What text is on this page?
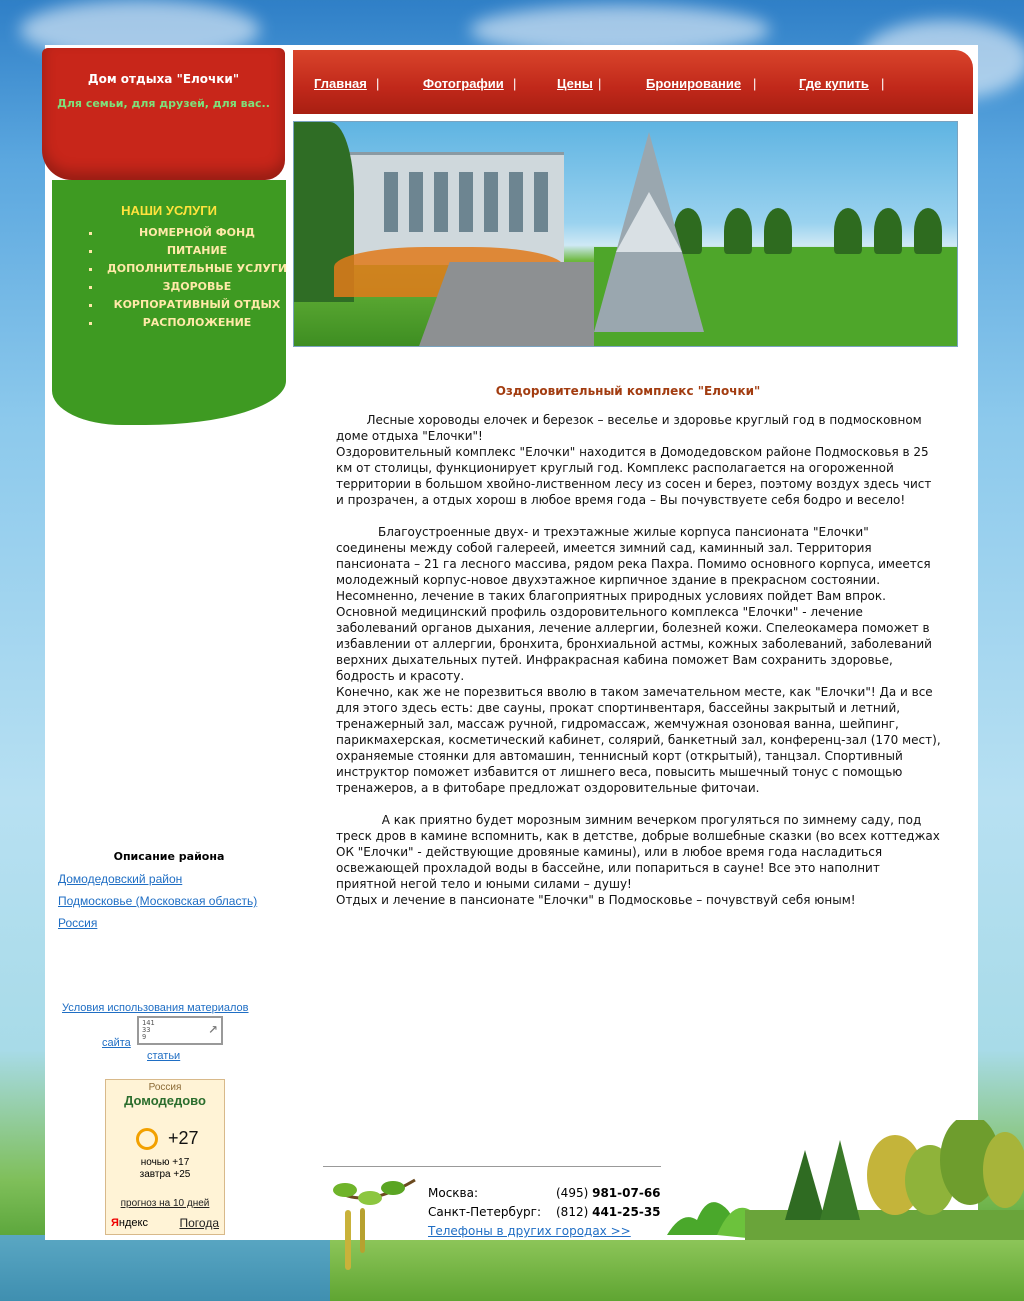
Дом отдыха "Елочки"
Для семьи, для друзей, для вас..
НАШИ УСЛУГИ
▪ НОМЕРНОЙ ФОНД
▪ ПИТАНИЕ
▪ ДОПОЛНИТЕЛЬНЫЕ УСЛУГИ
▪ ЗДОРОВЬЕ
▪ КОРПОРАТИВНЫЙ ОТДЫХ
▪ РАСПОЛОЖЕНИЕ
Описание района
Домодедовский район
Подмосковье (Московская область)
Россия
Условия использования материалов
сайта
141
33
9	↗
статьи
Россия
Домодедово
+27
ночью +17
завтра +25
прогноз на 10 дней
Яндекс	Погода
Главная |	Фотографии |	Цены |	Бронирование |	Где купить |
Оздоровительный комплекс "Елочки"

Лесные хороводы елочек и березок – веселье и здоровье круглый год в подмосковном доме отдыха "Елочки"!

Оздоровительный комплекс "Елочки" находится в Домодедовском районе Подмосковья в 25 км от столицы, функционирует круглый год. Комплекс располагается на огороженной территории в большом хвойно-лиственном лесу из сосен и берез, поэтому воздух здесь чист и прозрачен, а отдых хорош в любое время года – Вы почувствуете себя бодро и весело!

Благоустроенные двух- и трехэтажные жилые корпуса пансионата "Елочки" соединены между собой галереей, имеется зимний сад, каминный зал. Территория пансионата – 21 га лесного массива, рядом река Пахра. Помимо основного корпуса, имеется молодежный корпус-новое двухэтажное кирпичное здание в прекрасном состоянии.

Несомненно, лечение в таких благоприятных природных условиях пойдет Вам впрок. Основной медицинский профиль оздоровительного комплекса "Елочки" - лечение заболеваний органов дыхания, лечение аллергии, болезней кожи. Спелеокамера поможет в избавлении от аллергии, бронхита, бронхиальной астмы, кожных заболеваний, заболеваний верхних дыхательных путей. Инфракрасная кабина поможет Вам сохранить здоровье, бодрость и красоту.

Конечно, как же не порезвиться вволю в таком замечательном месте, как "Елочки"! Да и все для этого здесь есть: две сауны, прокат спортинвентаря, бассейны закрытый и летний, тренажерный зал, массаж ручной, гидромассаж, жемчужная озоновая ванна, шейпинг, парикмахерская, косметический кабинет, солярий, банкетный зал, конференц-зал (170 мест), охраняемые стоянки для автомашин, теннисный корт (открытый), танцзал. Спортивный инструктор поможет избавится от лишнего веса, повысить мышечный тонус с помощью тренажеров, а в фитобаре предложат оздоровительные фиточаи.

А как приятно будет морозным зимним вечерком прогуляться по зимнему саду, под треск дров в камине вспомнить, как в детстве, добрые волшебные сказки (во всех коттеджах ОК "Елочки" - действующие дровяные камины), или в любое время года насладиться освежающей прохладой воды в бассейне, или попариться в сауне! Все это наполнит приятной негой тело и юными силами – душу!

Отдых и лечение в пансионате "Елочки" в Подмосковье – почувствуй себя юным!

Москва:	(495) 981-07-66
Санкт-Петербург: (812) 441-25-35
Телефоны в других городах >>
